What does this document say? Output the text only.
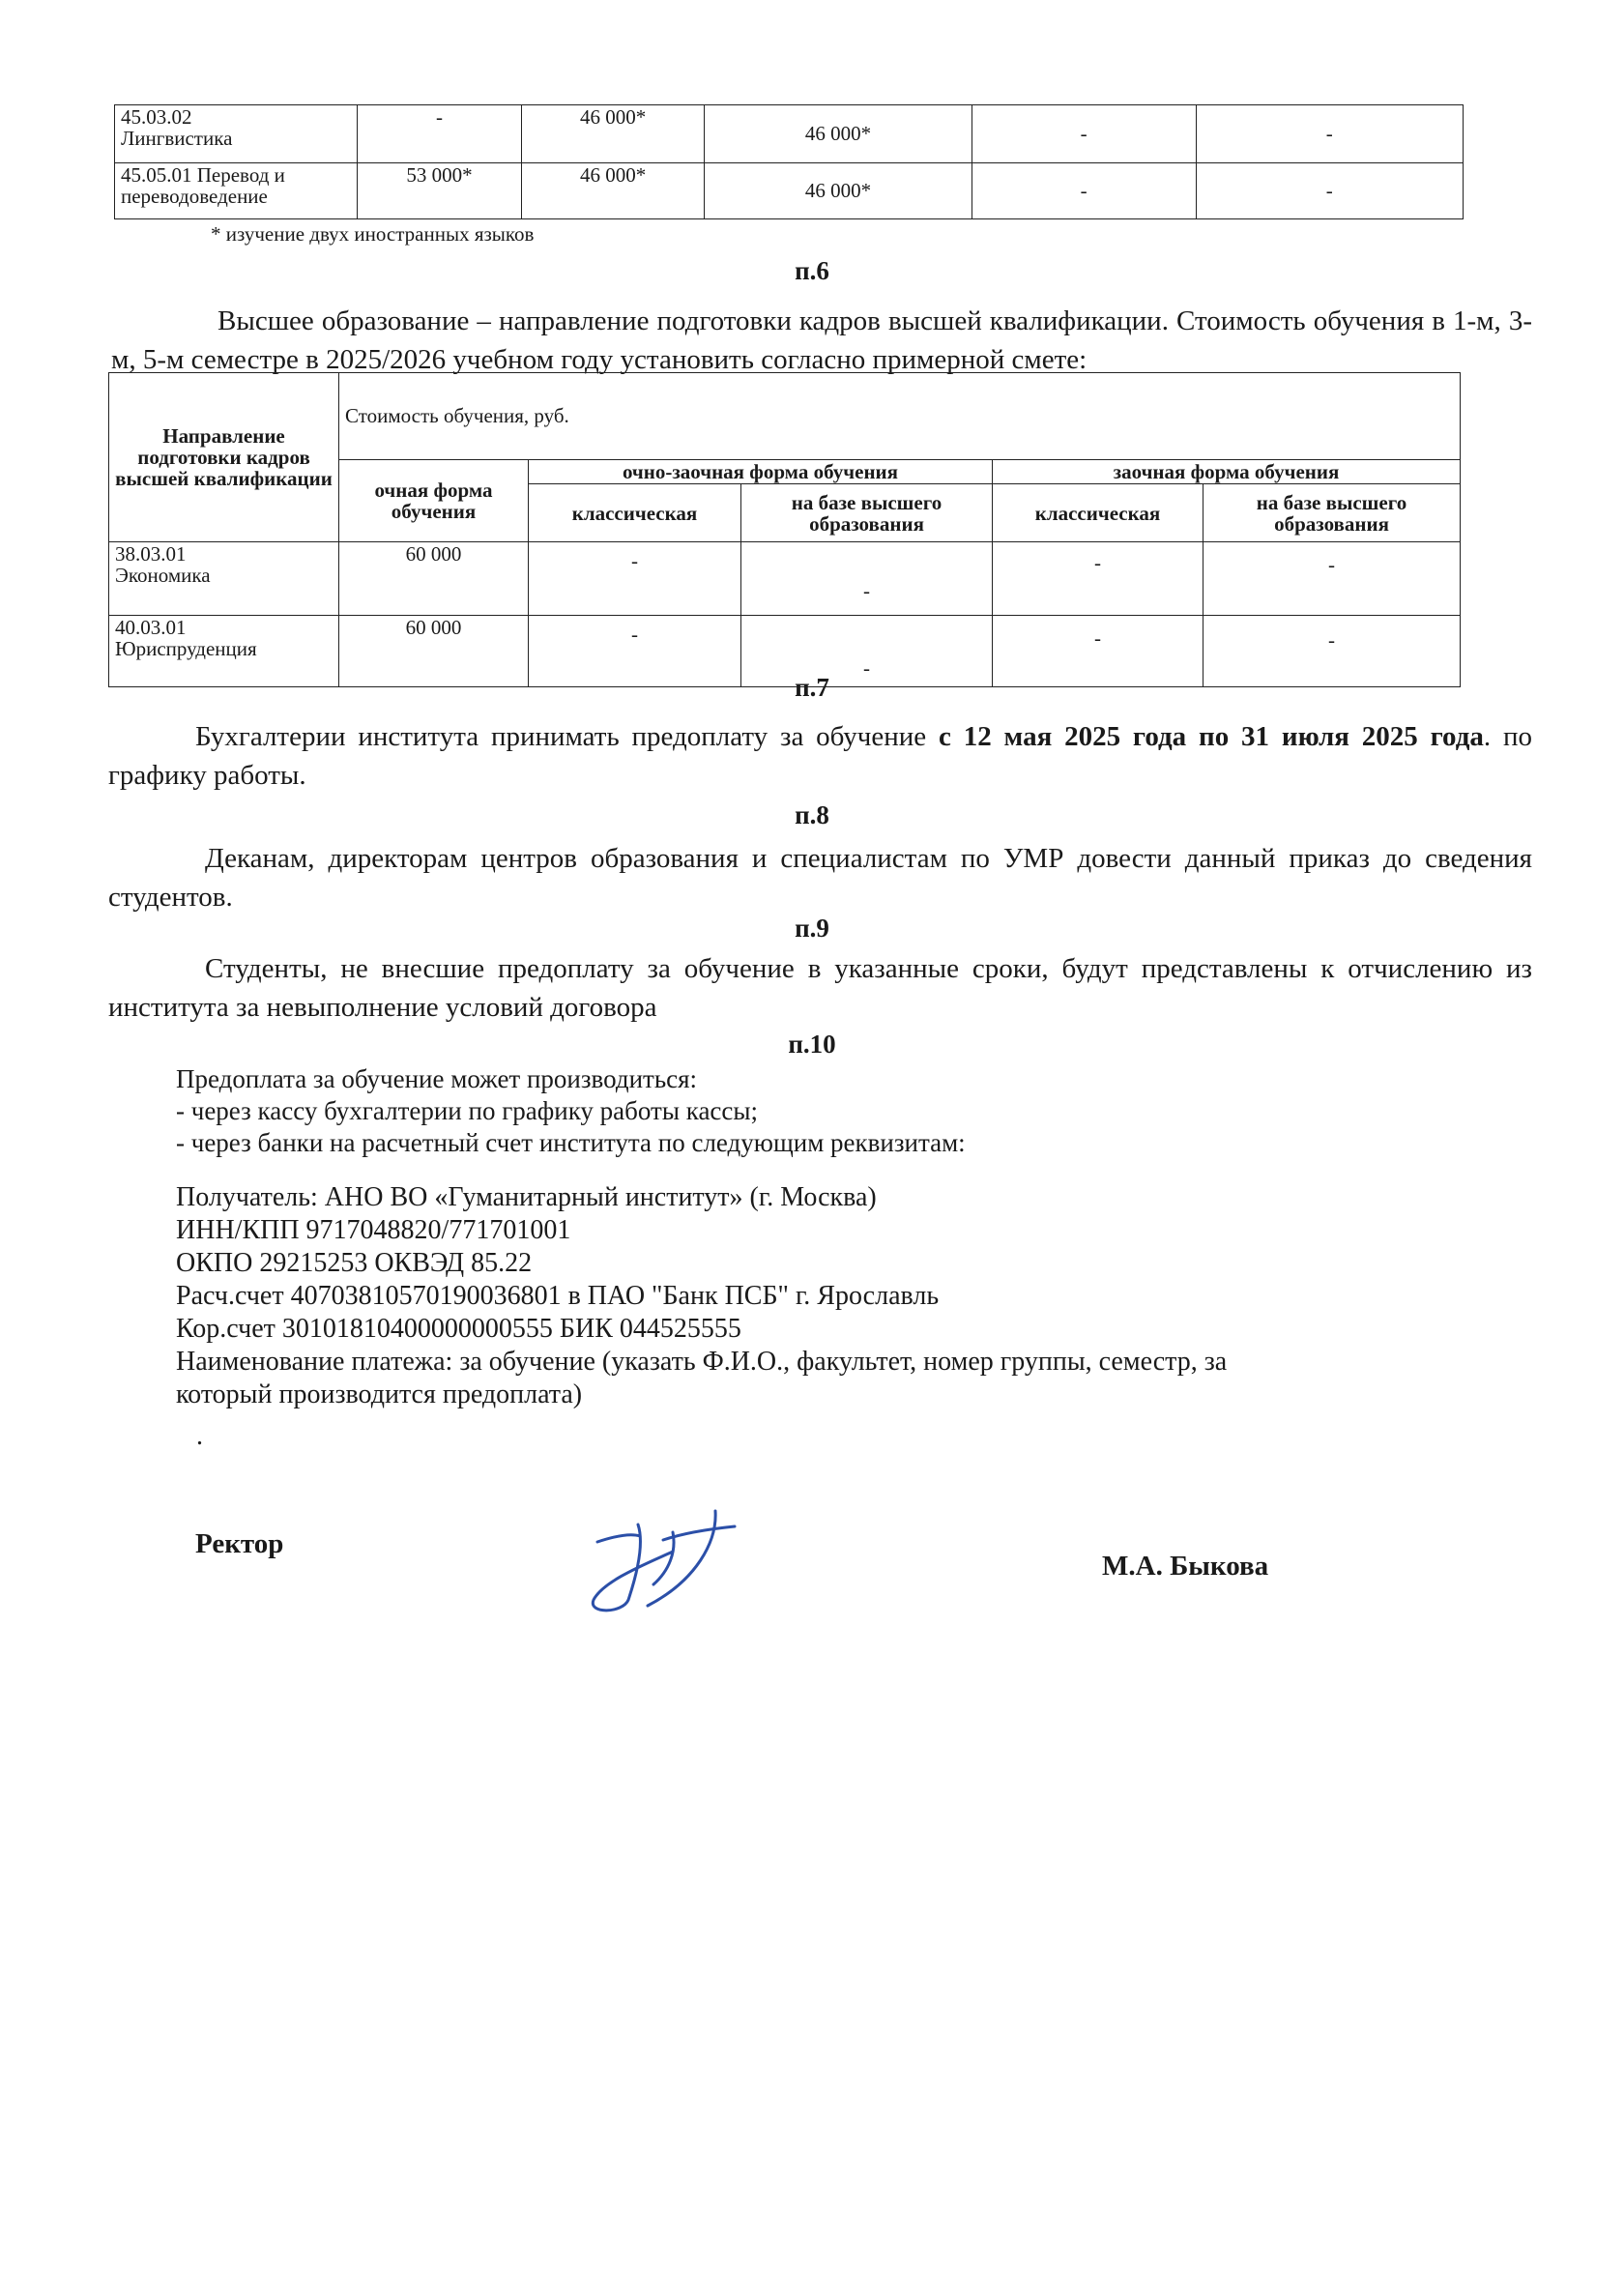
45.03.02
Лингвистика	-	46 000*	46 000*	-	-

45.05.01 Перевод и
переводоведение	53 000*	46 000*	46 000*	-	-
* изучение двух иностранных языков
п.6
Высшее образование – направление подготовки кадров высшей квалификации. Стоимость обучения в 1-м, 3-м, 5-м семестре в 2025/2026 учебном году установить согласно примерной смете:
Направление подготовки кадров высшей квалификации	Стоимость обучения, руб.				
	очная форма обучения	очно-заочная форма обучения		заочная форма обучения	
		классическая	на базе высшего образования	классическая	на базе высшего образования

38.03.01
Экономика	60 000	-	-	-	-

40.03.01
Юриспруденция	60 000	-	-	-	-
п.7
Бухгалтерии института принимать предоплату за обучение с 12 мая 2025 года по 31 июля 2025 года. по графику работы.
п.8
Деканам, директорам центров образования и специалистам по УМР довести данный приказ до сведения студентов.
п.9
Студенты, не внесшие предоплату за обучение в указанные сроки, будут представлены к отчислению из института за невыполнение условий договора
п.10
Предоплата за обучение может производиться:
- через кассу бухгалтерии по графику работы кассы;
- через банки на расчетный счет института по следующим реквизитам:
Получатель: АНО ВО «Гуманитарный институт» (г. Москва)
ИНН/КПП 9717048820/771701001
ОКПО 29215253 ОКВЭД 85.22
Расч.счет 40703810570190036801 в ПАО "Банк ПСБ" г. Ярославль
Кор.счет 30101810400000000555 БИК 044525555
Наименование платежа: за обучение (указать Ф.И.О., факультет, номер группы, семестр, за
который производится предоплата)
.
Ректор
М.А. Быкова
